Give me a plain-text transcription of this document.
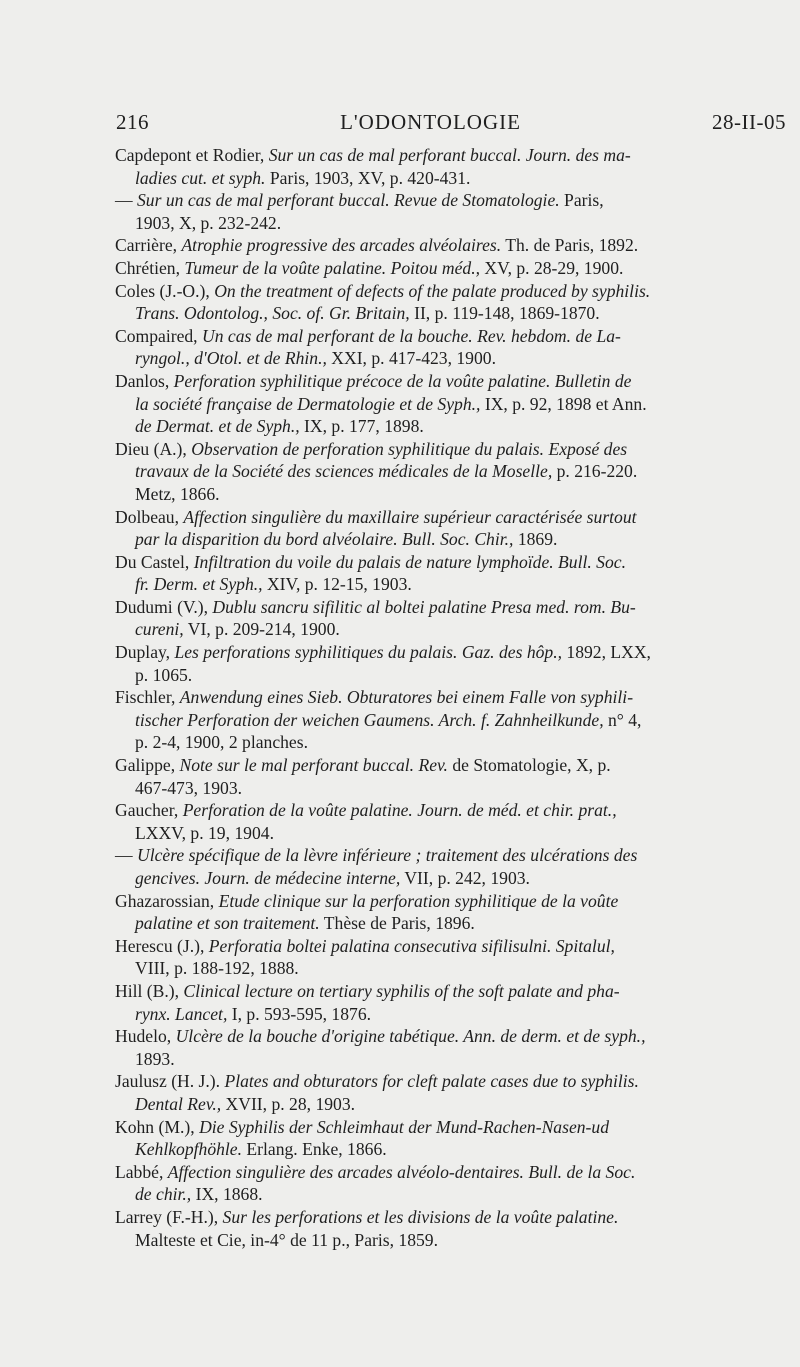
216	L'ODONTOLOGIE	28-II-05
Capdepont et Rodier, Sur un cas de mal perforant buccal. Journ. des ma-
ladies cut. et syph. Paris, 1903, XV, p. 420-431.
— Sur un cas de mal perforant buccal. Revue de Stomatologie. Paris,
1903, X, p. 232-242.
Carrière, Atrophie progressive des arcades alvéolaires. Th. de Paris, 1892.
Chrétien, Tumeur de la voûte palatine. Poitou méd., XV, p. 28-29, 1900.
Coles (J.-O.), On the treatment of defects of the palate produced by syphilis.
Trans. Odontolog., Soc. of. Gr. Britain, II, p. 119-148, 1869-1870.
Compaired, Un cas de mal perforant de la bouche. Rev. hebdom. de La-
ryngol., d'Otol. et de Rhin., XXI, p. 417-423, 1900.
Danlos, Perforation syphilitique précoce de la voûte palatine. Bulletin de
la société française de Dermatologie et de Syph., IX, p. 92, 1898 et Ann.
de Dermat. et de Syph., IX, p. 177, 1898.
Dieu (A.), Observation de perforation syphilitique du palais. Exposé des
travaux de la Société des sciences médicales de la Moselle, p. 216-220.
Metz, 1866.
Dolbeau, Affection singulière du maxillaire supérieur caractérisée surtout
par la disparition du bord alvéolaire. Bull. Soc. Chir., 1869.
Du Castel, Infiltration du voile du palais de nature lymphoïde. Bull. Soc.
fr. Derm. et Syph., XIV, p. 12-15, 1903.
Dudumi (V.), Dublu sancru sifilitic al boltei palatine Presa med. rom. Bu-
cureni, VI, p. 209-214, 1900.
Duplay, Les perforations syphilitiques du palais. Gaz. des hôp., 1892, LXX,
p. 1065.
Fischler, Anwendung eines Sieb. Obturatores bei einem Falle von syphili-
tischer Perforation der weichen Gaumens. Arch. f. Zahnheilkunde, n° 4,
p. 2-4, 1900, 2 planches.
Galippe, Note sur le mal perforant buccal. Rev. de Stomatologie, X, p.
467-473, 1903.
Gaucher, Perforation de la voûte palatine. Journ. de méd. et chir. prat.,
LXXV, p. 19, 1904.
— Ulcère spécifique de la lèvre inférieure ; traitement des ulcérations des
gencives. Journ. de médecine interne, VII, p. 242, 1903.
Ghazarossian, Etude clinique sur la perforation syphilitique de la voûte
palatine et son traitement. Thèse de Paris, 1896.
Herescu (J.), Perforatia boltei palatina consecutiva sifilisulni. Spitalul,
VIII, p. 188-192, 1888.
Hill (B.), Clinical lecture on tertiary syphilis of the soft palate and pha-
rynx. Lancet, I, p. 593-595, 1876.
Hudelo, Ulcère de la bouche d'origine tabétique. Ann. de derm. et de syph.,
1893.
Jaulusz (H. J.). Plates and obturators for cleft palate cases due to syphilis.
Dental Rev., XVII, p. 28, 1903.
Kohn (M.), Die Syphilis der Schleimhaut der Mund-Rachen-Nasen-ud
Kehlkopfhöhle. Erlang. Enke, 1866.
Labbé, Affection singulière des arcades alvéolo-dentaires. Bull. de la Soc.
de chir., IX, 1868.
Larrey (F.-H.), Sur les perforations et les divisions de la voûte palatine.
Malteste et Cie, in-4° de 11 p., Paris, 1859.
